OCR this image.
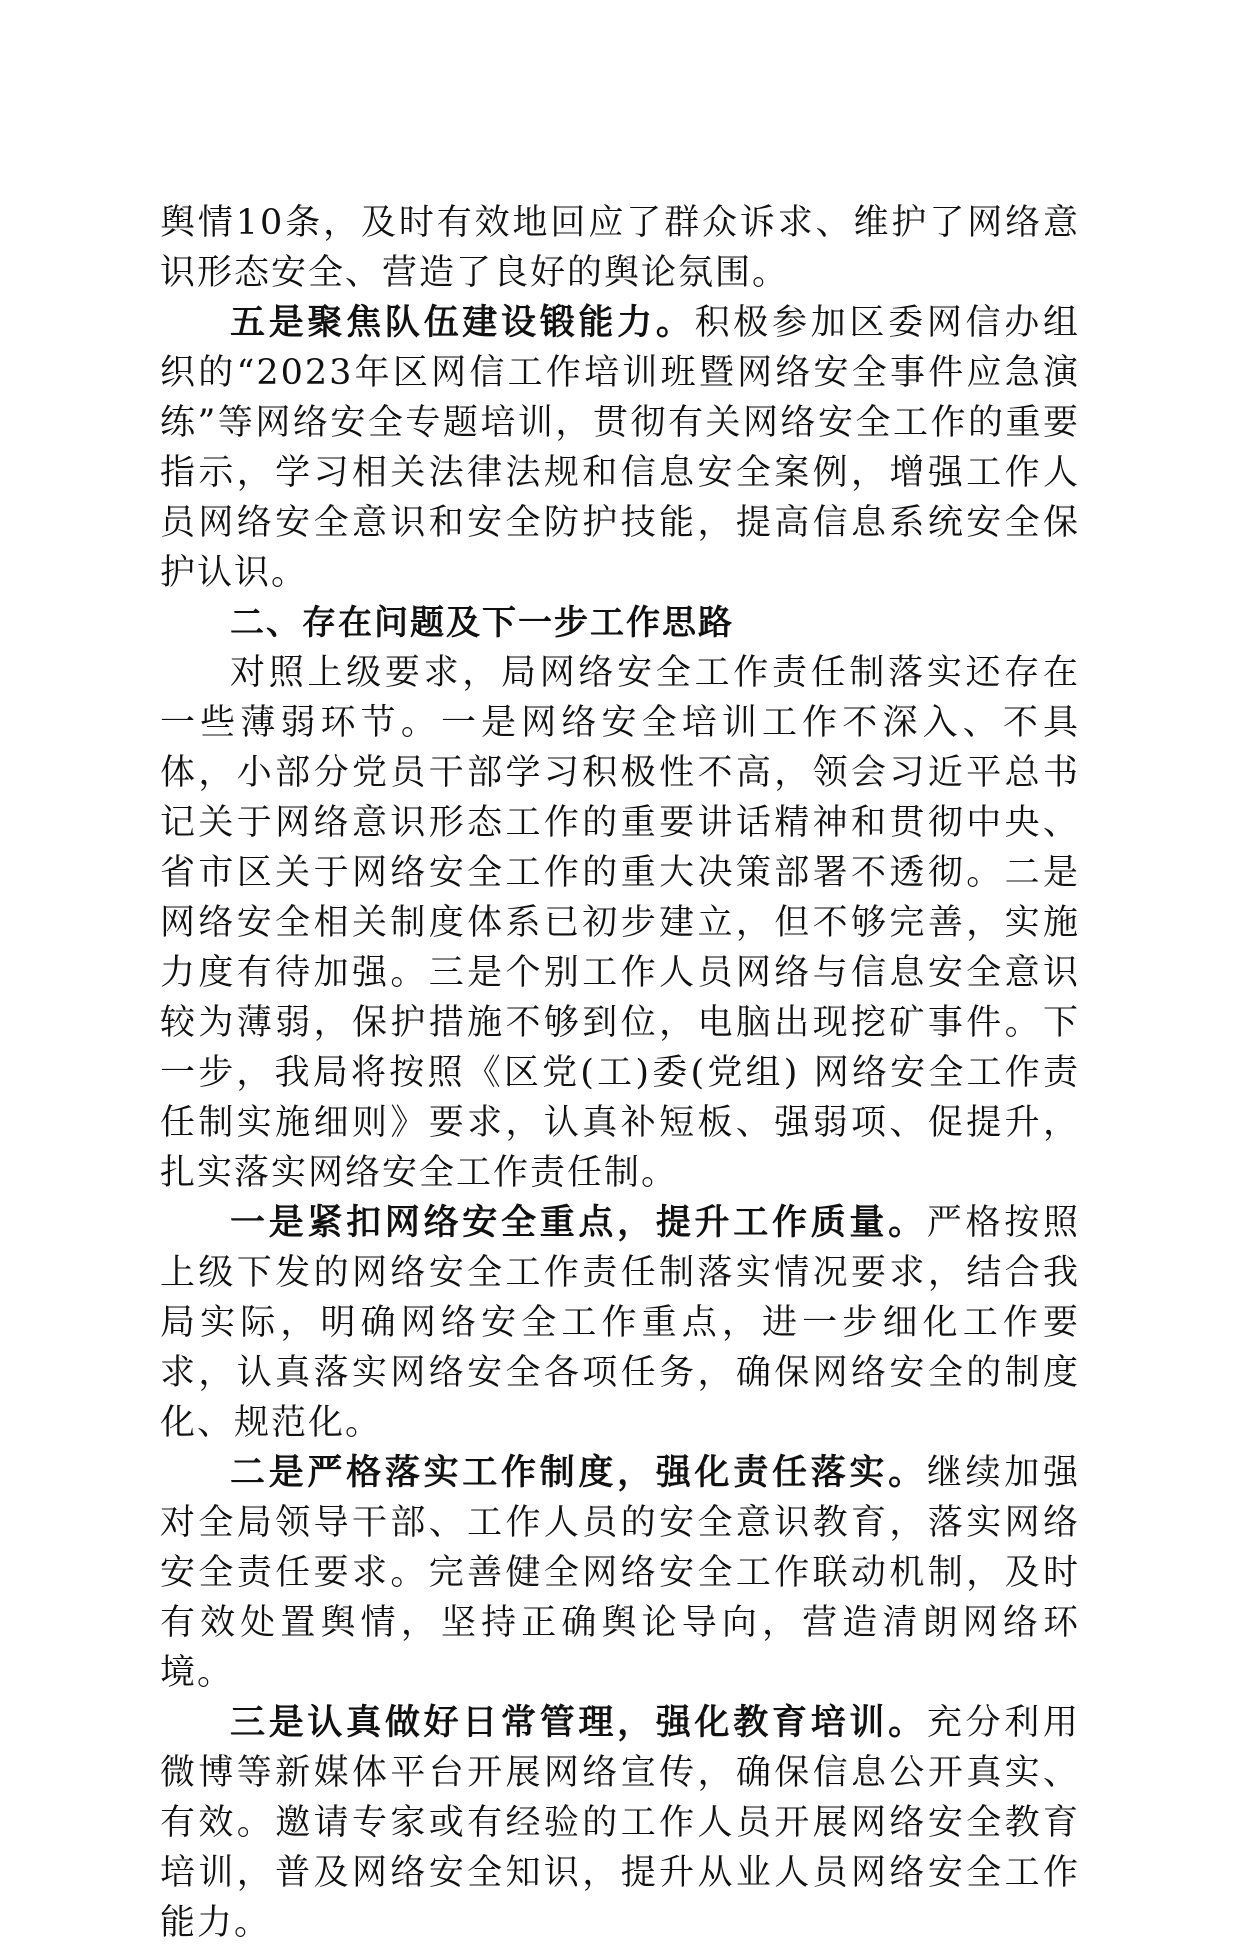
舆情10条，及时有效地回应了群众诉求、维护了网络意识形态安全、营造了良好的舆论氛围。

五是聚焦队伍建设锻能力。积极参加区委网信办组织的“2023年区网信工作培训班暨网络安全事件应急演练”等网络安全专题培训，贯彻有关网络安全工作的重要指示，学习相关法律法规和信息安全案例，增强工作人员网络安全意识和安全防护技能，提高信息系统安全保护认识。

二、存在问题及下一步工作思路

对照上级要求，局网络安全工作责任制落实还存在一些薄弱环节。一是网络安全培训工作不深入、不具体，小部分党员干部学习积极性不高，领会习近平总书记关于网络意识形态工作的重要讲话精神和贯彻中央、省市区关于网络安全工作的重大决策部署不透彻。二是网络安全相关制度体系已初步建立，但不够完善，实施力度有待加强。三是个别工作人员网络与信息安全意识较为薄弱，保护措施不够到位，电脑出现挖矿事件。下一步，我局将按照《区党(工)委(党组) 网络安全工作责任制实施细则》要求，认真补短板、强弱项、促提升，扎实落实网络安全工作责任制。

一是紧扣网络安全重点，提升工作质量。严格按照上级下发的网络安全工作责任制落实情况要求，结合我局实际，明确网络安全工作重点，进一步细化工作要求，认真落实网络安全各项任务，确保网络安全的制度化、规范化。

二是严格落实工作制度，强化责任落实。继续加强对全局领导干部、工作人员的安全意识教育，落实网络安全责任要求。完善健全网络安全工作联动机制，及时有效处置舆情，坚持正确舆论导向，营造清朗网络环境。

三是认真做好日常管理，强化教育培训。充分利用微博等新媒体平台开展网络宣传，确保信息公开真实、有效。邀请专家或有经验的工作人员开展网络安全教育培训，普及网络安全知识，提升从业人员网络安全工作能力。
